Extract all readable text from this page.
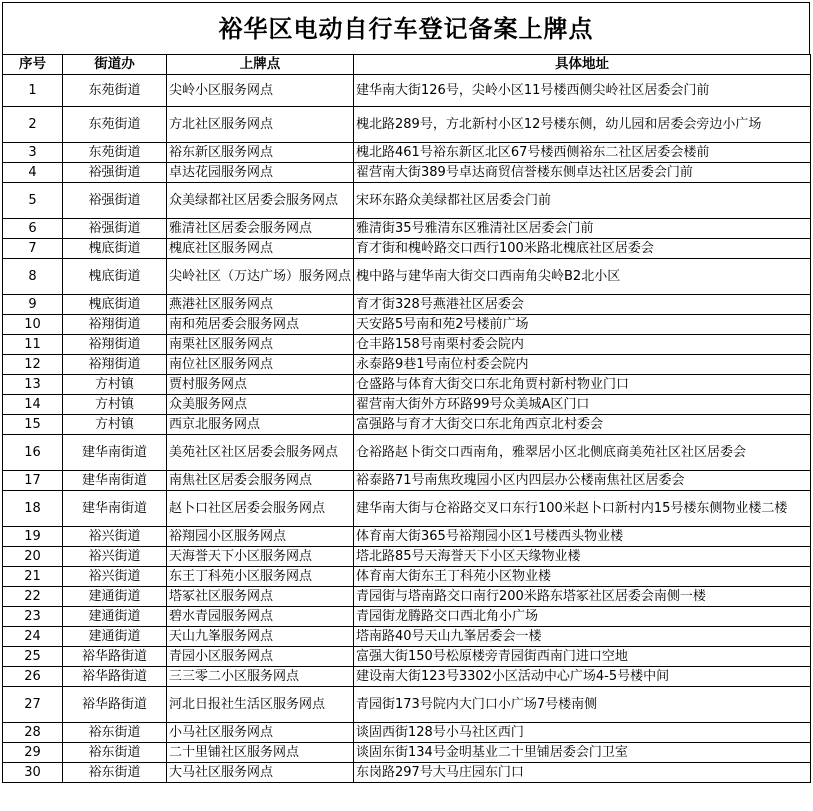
裕华区电动自行车登记备案上牌点
序号	街道办	上牌点	具体地址
1	东苑街道	尖岭小区服务网点	建华南大街126号，尖岭小区11号楼西侧尖岭社区居委会门前
2	东苑街道	方北社区服务网点	槐北路289号，方北新村小区12号楼东侧，幼儿园和居委会旁边小广场
3	东苑街道	裕东新区服务网点	槐北路461号裕东新区北区67号楼西侧裕东二社区居委会楼前
4	裕强街道	卓达花园服务网点	翟营南大街389号卓达商贸信誉楼东侧卓达社区居委会门前
5	裕强街道	众美绿都社区居委会服务网点	宋环东路众美绿都社区居委会门前
6	裕强街道	雅清社区居委会服务网点	雅清街35号雅清东区雅清社区居委会门前
7	槐底街道	槐底社区服务网点	育才街和槐岭路交口西行100米路北槐底社区居委会
8	槐底街道	尖岭社区（万达广场）服务网点	槐中路与建华南大街交口西南角尖岭B2北小区
9	槐底街道	燕港社区服务网点	育才街328号燕港社区居委会
10	裕翔街道	南和苑居委会服务网点	天安路5号南和苑2号楼前广场
11	裕翔街道	南栗社区服务网点	仓丰路158号南栗村委会院内
12	裕翔街道	南位社区服务网点	永泰路9巷1号南位村委会院内
13	方村镇	贾村服务网点	仓盛路与体育大街交口东北角贾村新村物业门口
14	方村镇	众美服务网点	翟营南大街外方环路99号众美城A区门口
15	方村镇	西京北服务网点	富强路与育才大街交口东北角西京北村委会
16	建华南街道	美苑社区社区居委会服务网点	仓裕路赵卜街交口西南角，雅翠居小区北侧底商美苑社区社区居委会
17	建华南街道	南焦社区居委会服务网点	裕泰路71号南焦玫瑰园小区内四层办公楼南焦社区居委会
18	建华南街道	赵卜口社区居委会服务网点	建华南大街与仓裕路交叉口东行100米赵卜口新村内15号楼东侧物业楼二楼
19	裕兴街道	裕翔园小区服务网点	体育南大街365号裕翔园小区1号楼西头物业楼
20	裕兴街道	天海誉天下小区服务网点	塔北路85号天海誉天下小区天缘物业楼
21	裕兴街道	东王丁科苑小区服务网点	体育南大街东王丁科苑小区物业楼
22	建通街道	塔冢社区服务网点	青园街与塔南路交口南行200米路东塔冢社区居委会南侧一楼
23	建通街道	碧水青园服务网点	青园街龙腾路交口西北角小广场
24	建通街道	天山九峯服务网点	塔南路40号天山九峯居委会一楼
25	裕华路街道	青园小区服务网点	富强大街150号松原楼旁青园街西南门进口空地
26	裕华路街道	三三零二小区服务网点	建设南大街123号3302小区活动中心广场4-5号楼中间
27	裕华路街道	河北日报社生活区服务网点	青园街173号院内大门口小广场7号楼南侧
28	裕东街道	小马社区服务网点	谈固西街128号小马社区西门
29	裕东街道	二十里铺社区服务网点	谈固东街134号金明基业二十里铺居委会门卫室
30	裕东街道	大马社区服务网点	东岗路297号大马庄园东门口
